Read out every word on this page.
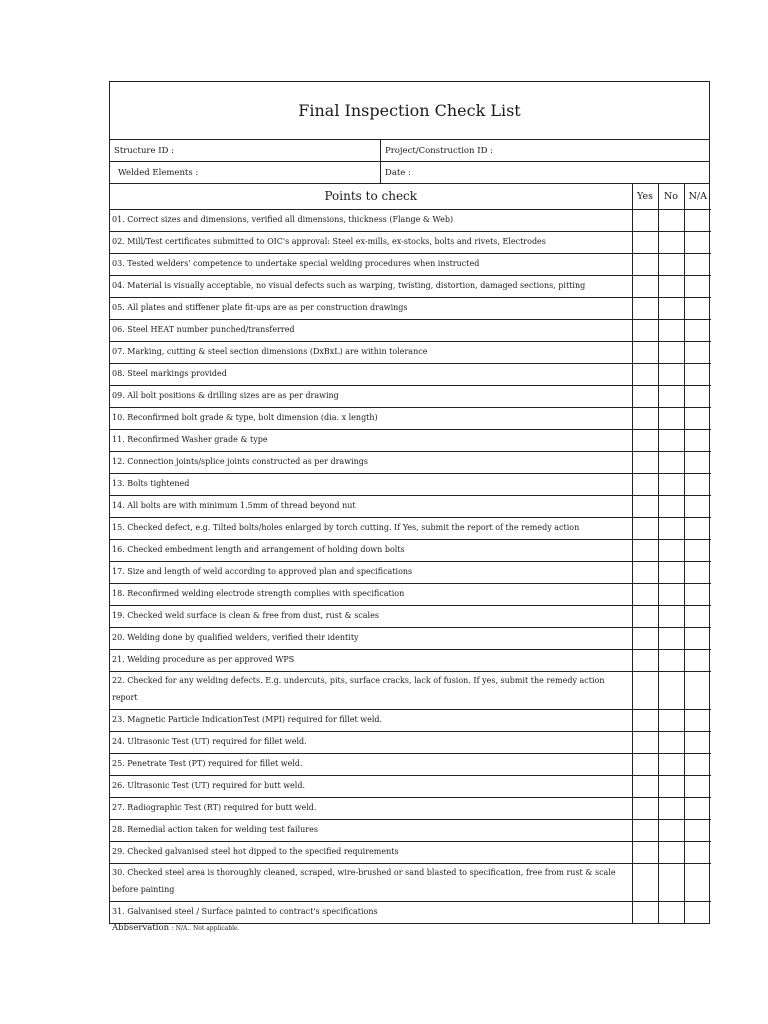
Final Inspection Check List
Structure ID :	Project/Construction ID :
Welded Elements :	Date :
Points to check	Yes	No	N/A
01. Correct sizes and dimensions, verified all dimensions, thickness (Flange & Web)			
02. Mill/Test certificates submitted to OIC's approval: Steel ex-mills, ex-stocks, bolts and rivets, Electrodes			
03. Tested welders' competence to undertake special welding procedures when instructed			
04. Material is visually acceptable, no visual defects such as warping, twisting, distortion, damaged sections, pitting			
05. All plates and stiffener plate fit-ups are as per construction drawings			
06. Steel HEAT number punched/transferred			
07. Marking, cutting & steel section dimensions (DxBxL) are within tolerance			
08. Steel markings provided			
09. All bolt positions & drilling sizes are as per drawing			
10. Reconfirmed bolt grade & type, bolt dimension (dia. x length)			
11. Reconfirmed Washer grade & type			
12. Connection joints/splice joints constructed as per drawings			
13. Bolts tightened			
14. All bolts are with minimum 1.5mm of thread beyond nut			
15. Checked defect, e.g. Tilted bolts/holes enlarged by torch cutting. If Yes, submit the report of the remedy action			
16. Checked embedment length and arrangement of holding down bolts			
17. Size and length of weld according to approved plan and specifications			
18. Reconfirmed welding electrode strength complies with specification			
19. Checked weld surface is clean & free from dust, rust & scales			
20. Welding done by qualified welders, verified their identity			
21. Welding procedure as per approved WPS			
22. Checked for any welding defects. E.g. undercuts, pits, surface cracks, lack of fusion. If yes, submit the remedy action report			
23. Magnetic Particle IndicationTest (MPI) required for fillet weld.			
24. Ultrasonic Test (UT) required for fillet weld.			
25. Penetrate Test (PT) required for fillet weld.			
26. Ultrasonic Test (UT) required for butt weld.			
27. Radiographic Test (RT) required for butt weld.			
28. Remedial action taken for welding test failures			
29. Checked galvanised steel hot dipped to the specified requirements			
30. Checked steel area is thoroughly cleaned, scraped, wire-brushed or sand blasted to specification, free from rust & scale before painting			
31. Galvanised steel / Surface painted to contract's specifications			
Abbservation : N/A.. Not applicable.
